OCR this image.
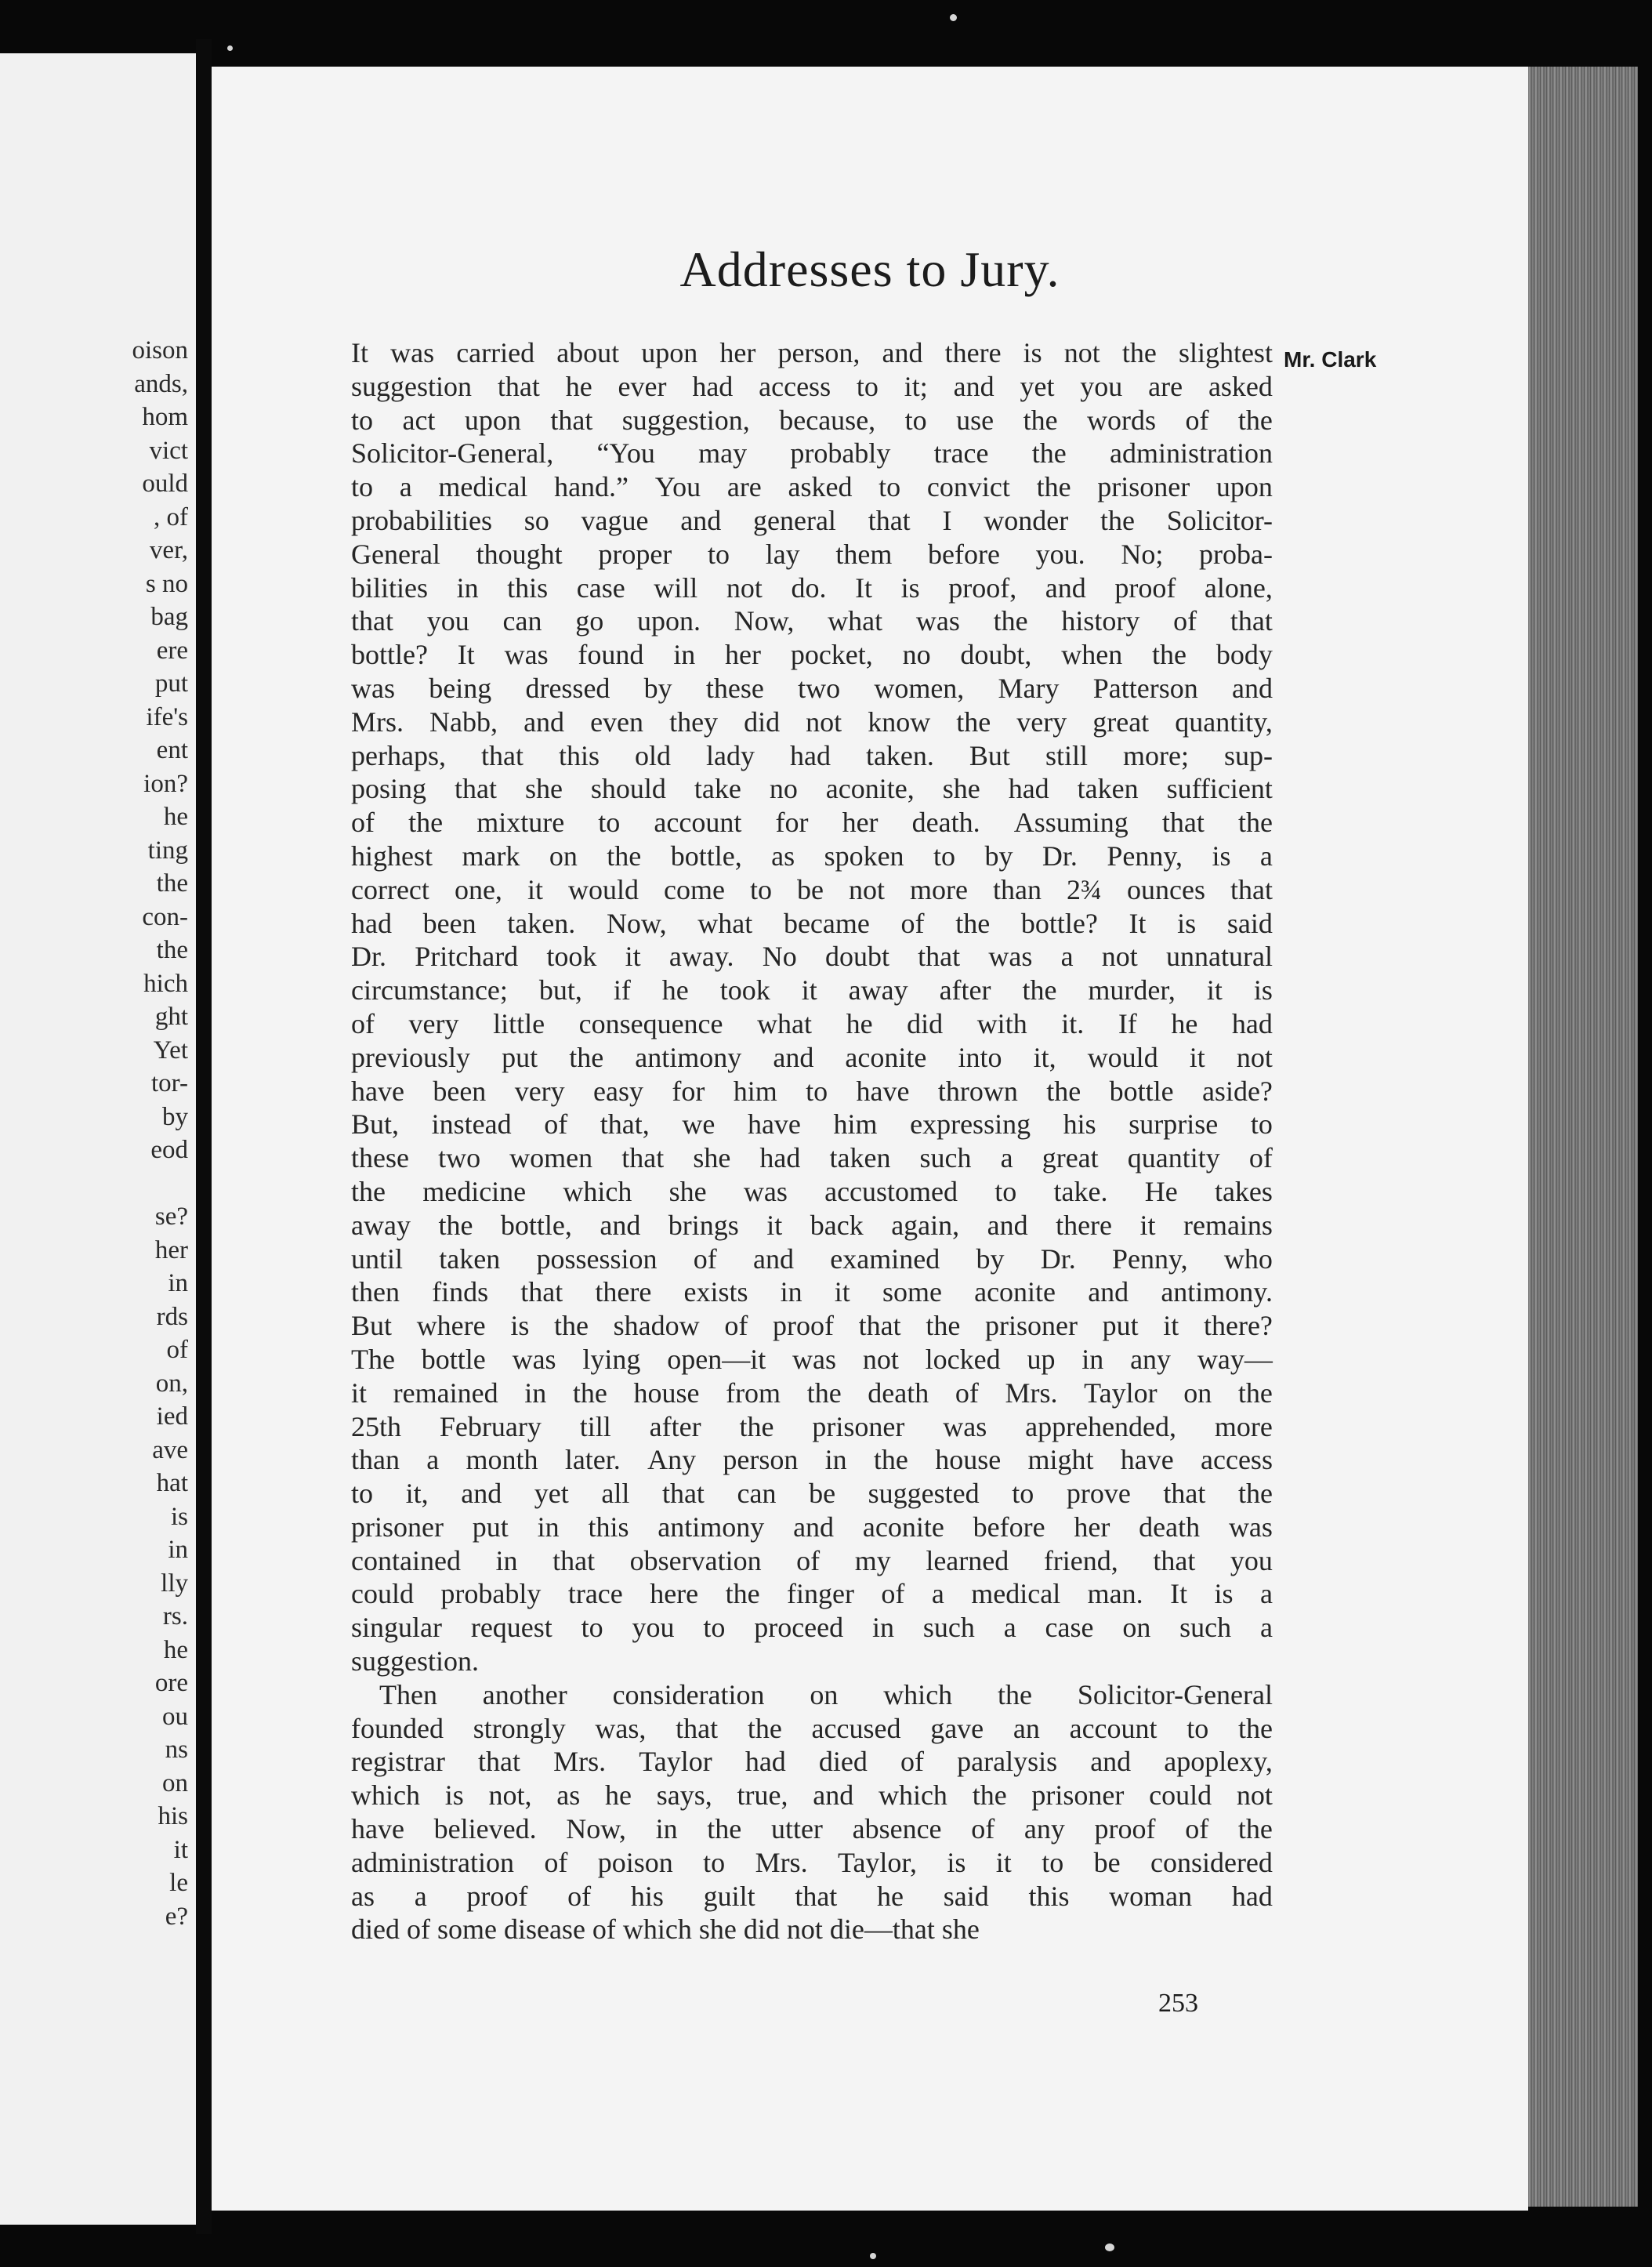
oison
ands,
hom
vict
ould
, of
ver,
s no
bag
ere
put
ife's
ent
ion?
he
ting
the
con-
the
hich
ght
Yet
tor-
by
eod
se?
her
in
rds
of
on,
ied
ave
hat
is
in
lly
rs.
he
ore
ou
ns
on
his
it
le
e?
Addresses to Jury.
Mr. Clark
It was carried about upon her person, and there is not the slightest
suggestion that he ever had access to it; and yet you are asked
to act upon that suggestion, because, to use the words of the
Solicitor-General, “You may probably trace the administration
to a medical hand.” You are asked to convict the prisoner upon
probabilities so vague and general that I wonder the Solicitor-
General thought proper to lay them before you. No; proba-
bilities in this case will not do. It is proof, and proof alone,
that you can go upon. Now, what was the history of that
bottle? It was found in her pocket, no doubt, when the body
was being dressed by these two women, Mary Patterson and
Mrs. Nabb, and even they did not know the very great quantity,
perhaps, that this old lady had taken. But still more; sup-
posing that she should take no aconite, she had taken sufficient
of the mixture to account for her death. Assuming that the
highest mark on the bottle, as spoken to by Dr. Penny, is a
correct one, it would come to be not more than 2¾ ounces that
had been taken. Now, what became of the bottle? It is said
Dr. Pritchard took it away. No doubt that was a not unnatural
circumstance; but, if he took it away after the murder, it is
of very little consequence what he did with it. If he had
previously put the antimony and aconite into it, would it not
have been very easy for him to have thrown the bottle aside?
But, instead of that, we have him expressing his surprise to
these two women that she had taken such a great quantity of
the medicine which she was accustomed to take. He takes
away the bottle, and brings it back again, and there it remains
until taken possession of and examined by Dr. Penny, who
then finds that there exists in it some aconite and antimony.
But where is the shadow of proof that the prisoner put it there?
The bottle was lying open—it was not locked up in any way—
it remained in the house from the death of Mrs. Taylor on the
25th February till after the prisoner was apprehended, more
than a month later. Any person in the house might have access
to it, and yet all that can be suggested to prove that the
prisoner put in this antimony and aconite before her death was
contained in that observation of my learned friend, that you
could probably trace here the finger of a medical man. It is a
singular request to you to proceed in such a case on such a
suggestion.
Then another consideration on which the Solicitor-General
founded strongly was, that the accused gave an account to the
registrar that Mrs. Taylor had died of paralysis and apoplexy,
which is not, as he says, true, and which the prisoner could not
have believed. Now, in the utter absence of any proof of the
administration of poison to Mrs. Taylor, is it to be considered
as a proof of his guilt that he said this woman had
died of some disease of which she did not die—that she
253
